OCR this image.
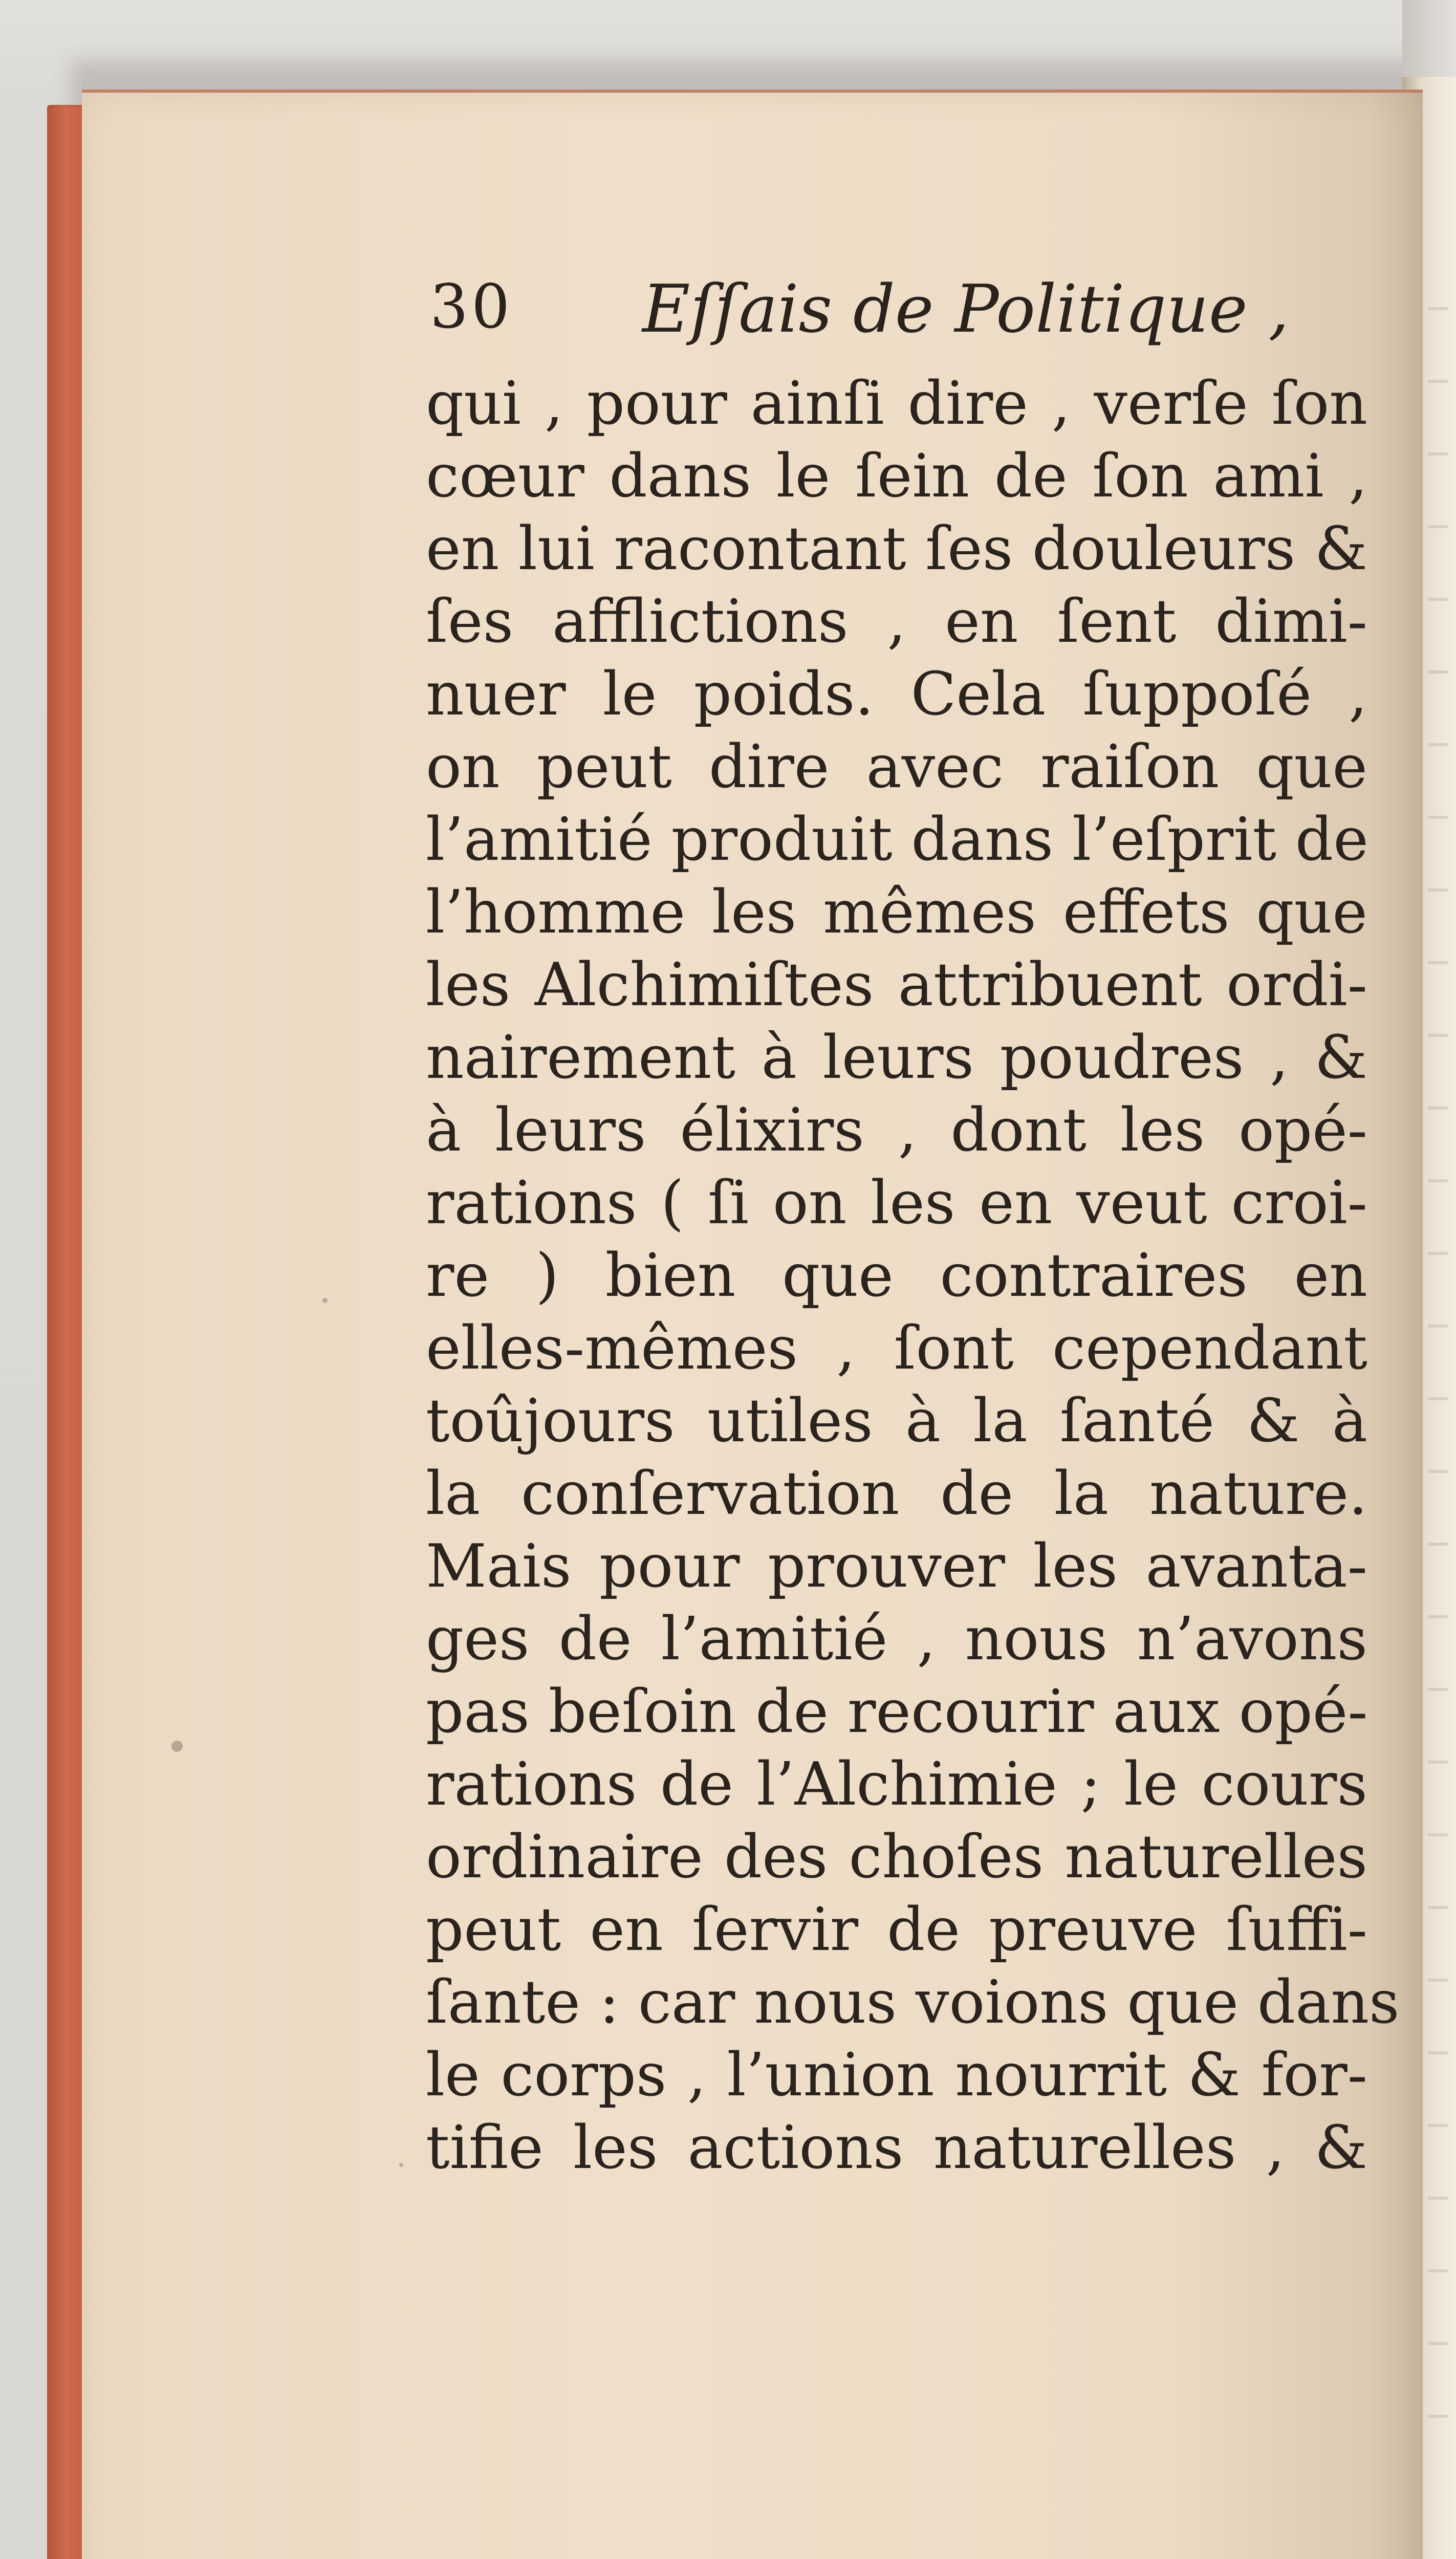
30 Eſſais de Politique ,
qui , pour ainſi dire , verſe ſon
cœur dans le ſein de ſon ami ,
en lui racontant ſes douleurs &
ſes afflictions , en ſent dimi-
nuer le poids. Cela ſuppoſé ,
on peut dire avec raiſon que
l’amitié produit dans l’eſprit de
l’homme les mêmes effets que
les Alchimiſtes attribuent ordi-
nairement à leurs poudres , &
à leurs élixirs , dont les opé-
rations ( ſi on les en veut croi-
re ) bien que contraires en
elles-mêmes , ſont cependant
toûjours utiles à la ſanté & à
la conſervation de la nature.
Mais pour prouver les avanta-
ges de l’amitié , nous n’avons
pas beſoin de recourir aux opé-
rations de l’Alchimie ; le cours
ordinaire des choſes naturelles
peut en ſervir de preuve ſuffi-
ſante : car nous voions que dans
le corps , l’union nourrit & for-
tifie les actions naturelles , &
